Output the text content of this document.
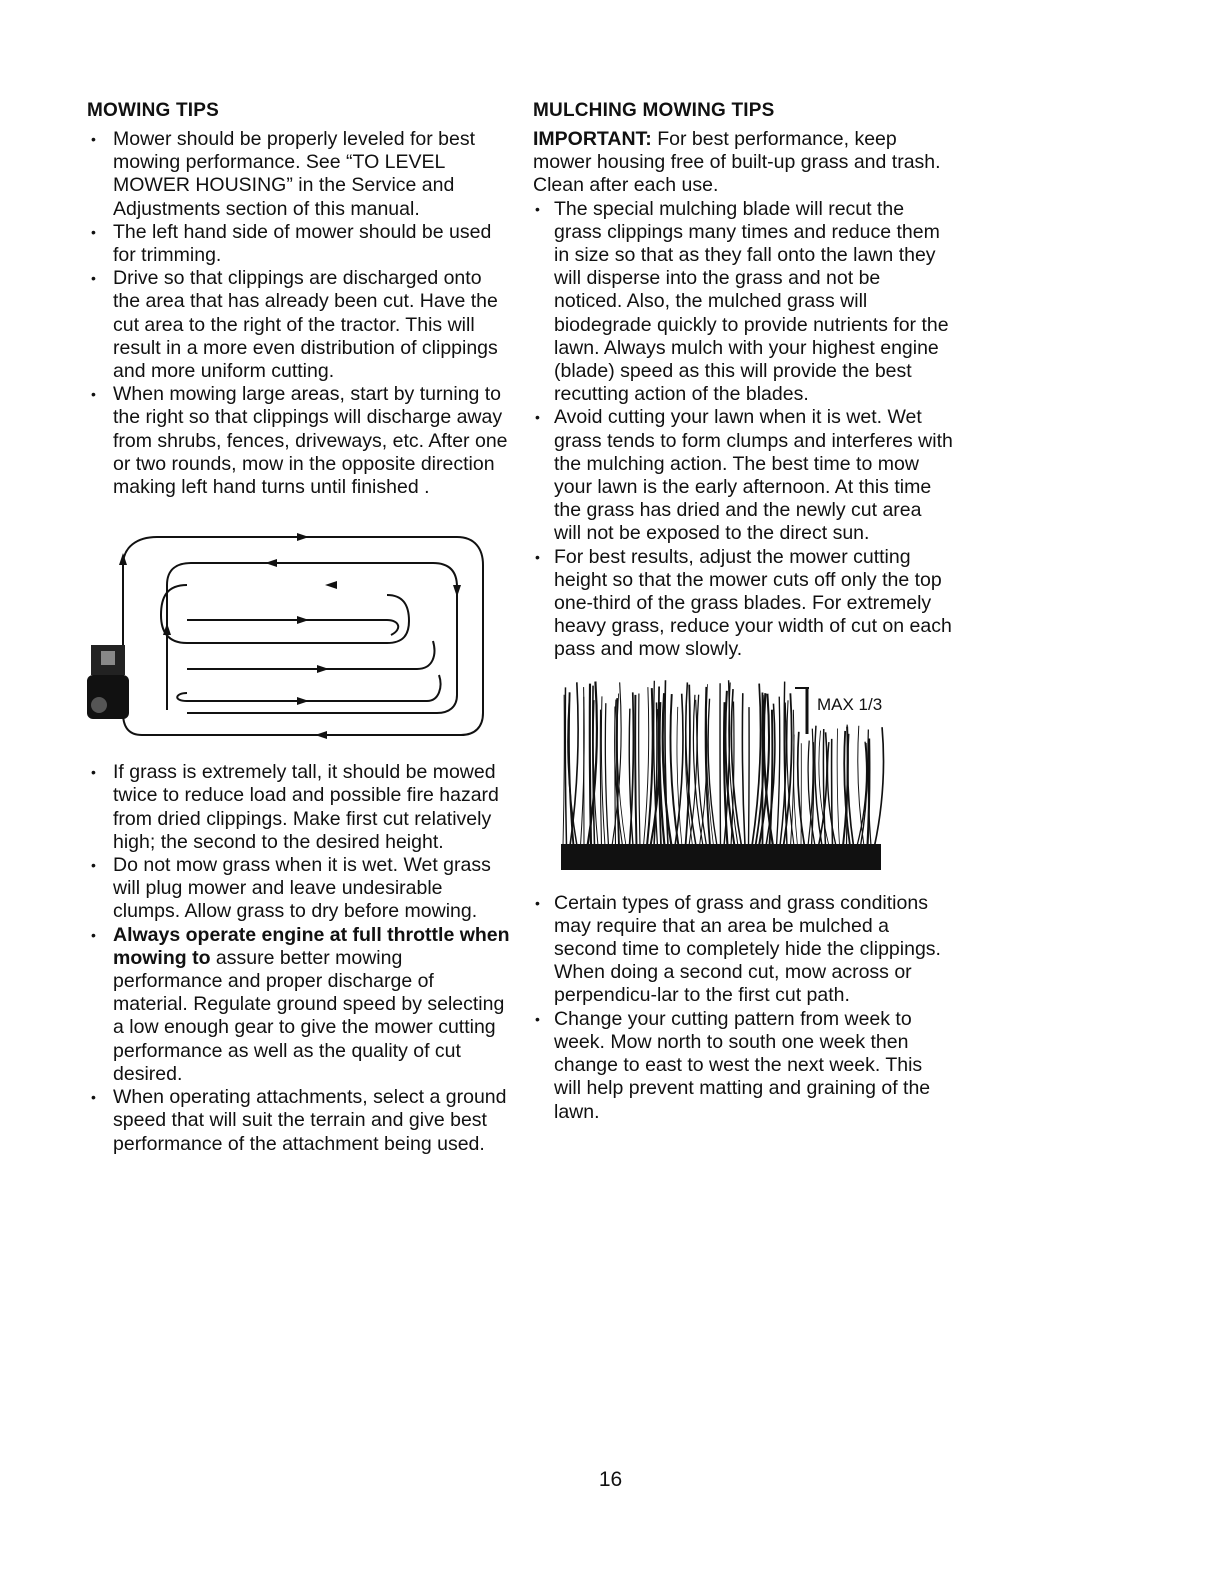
MOWING TIPS
• Mower should be properly leveled for best mowing performance. See “TO LEVEL MOWER HOUSING” in the Service and Adjustments section of this manual.
• The left hand side of mower should be used for trimming.
• Drive so that clippings are discharged onto the area that has already been cut. Have the cut area to the right of the tractor. This will result in a more even distribution of clippings and more uniform cutting.
• When mowing large areas, start by turning to the right so that clippings will discharge away from shrubs, fences, driveways, etc. After one or two rounds, mow in the opposite direction making left hand turns until finished .
• If grass is extremely tall, it should be mowed twice to reduce load and possible fire hazard from dried clippings. Make first cut relatively high; the second to the desired height.
• Do not mow grass when it is wet. Wet grass will plug mower and leave undesirable clumps. Allow grass to dry before mowing.
• Always operate engine at full throttle when mowing to assure better mowing performance and proper discharge of material. Regulate ground speed by selecting a low enough gear to give the mower cutting performance as well as the quality of cut desired.
• When operating attachments, select a ground speed that will suit the terrain and give best performance of the attachment being used.
MULCHING MOWING TIPS

IMPORTANT: For best performance, keep mower housing free of built-up grass and trash. Clean after each use.

• The special mulching blade will recut the grass clippings many times and reduce them in size so that as they fall onto the lawn they will disperse into the grass and not be noticed. Also, the mulched grass will biodegrade quickly to provide nutrients for the lawn. Always mulch with your highest engine (blade) speed as this will provide the best recutting action of the blades.
• Avoid cutting your lawn when it is wet. Wet grass tends to form clumps and interferes with the mulching action. The best time to mow your lawn is the early afternoon. At this time the grass has dried and the newly cut area will not be exposed to the direct sun.
• For best results, adjust the mower cutting height so that the mower cuts off only the top one-third of the grass blades. For extremely heavy grass, reduce your width of cut on each pass and mow slowly.
MAX 1/3
• Certain types of grass and grass conditions may require that an area be mulched a second time to completely hide the clippings. When doing a second cut, mow across or perpendicu-lar to the first cut path.
• Change your cutting pattern from week to week. Mow north to south one week then change to east to west the next week. This will help prevent matting and graining of the lawn.
16
